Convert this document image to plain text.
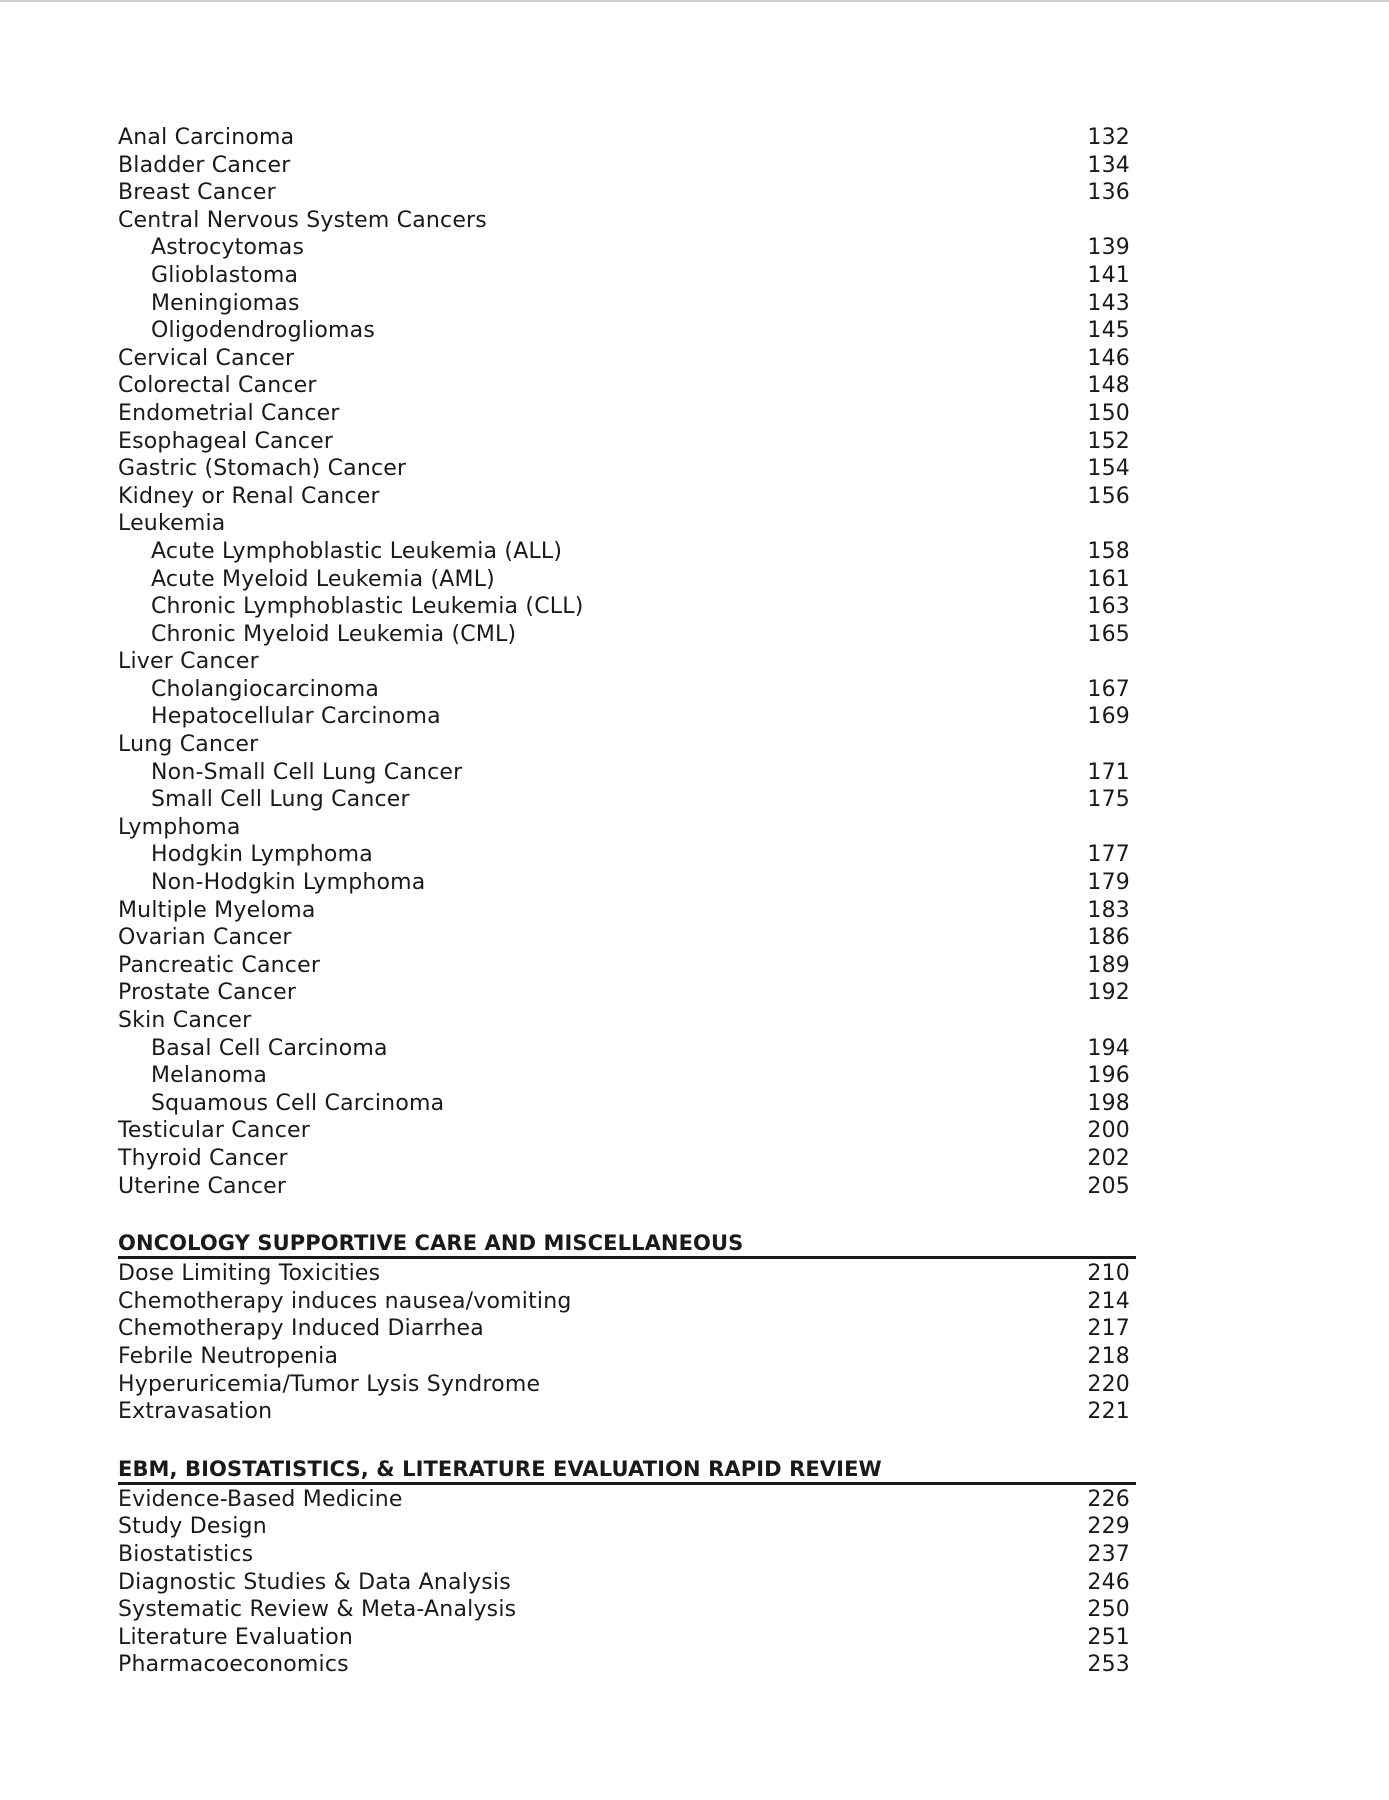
Anal Carcinoma	132
Bladder Cancer	134
Breast Cancer	136
Central Nervous System Cancers
Astrocytomas	139
Glioblastoma	141
Meningiomas	143
Oligodendrogliomas	145
Cervical Cancer	146
Colorectal Cancer	148
Endometrial Cancer	150
Esophageal Cancer	152
Gastric (Stomach) Cancer	154
Kidney or Renal Cancer	156
Leukemia
Acute Lymphoblastic Leukemia (ALL)	158
Acute Myeloid Leukemia (AML)	161
Chronic Lymphoblastic Leukemia (CLL)	163
Chronic Myeloid Leukemia (CML)	165
Liver Cancer
Cholangiocarcinoma	167
Hepatocellular Carcinoma	169
Lung Cancer
Non-Small Cell Lung Cancer	171
Small Cell Lung Cancer	175
Lymphoma
Hodgkin Lymphoma	177
Non-Hodgkin Lymphoma	179
Multiple Myeloma	183
Ovarian Cancer	186
Pancreatic Cancer	189
Prostate Cancer	192
Skin Cancer
Basal Cell Carcinoma	194
Melanoma	196
Squamous Cell Carcinoma	198
Testicular Cancer	200
Thyroid Cancer	202
Uterine Cancer	205
ONCOLOGY SUPPORTIVE CARE AND MISCELLANEOUS
Dose Limiting Toxicities	210
Chemotherapy induces nausea/vomiting	214
Chemotherapy Induced Diarrhea	217
Febrile Neutropenia	218
Hyperuricemia/Tumor Lysis Syndrome	220
Extravasation	221
EBM, BIOSTATISTICS, & LITERATURE EVALUATION RAPID REVIEW
Evidence-Based Medicine	226
Study Design	229
Biostatistics	237
Diagnostic Studies & Data Analysis	246
Systematic Review & Meta-Analysis	250
Literature Evaluation	251
Pharmacoeconomics	253
